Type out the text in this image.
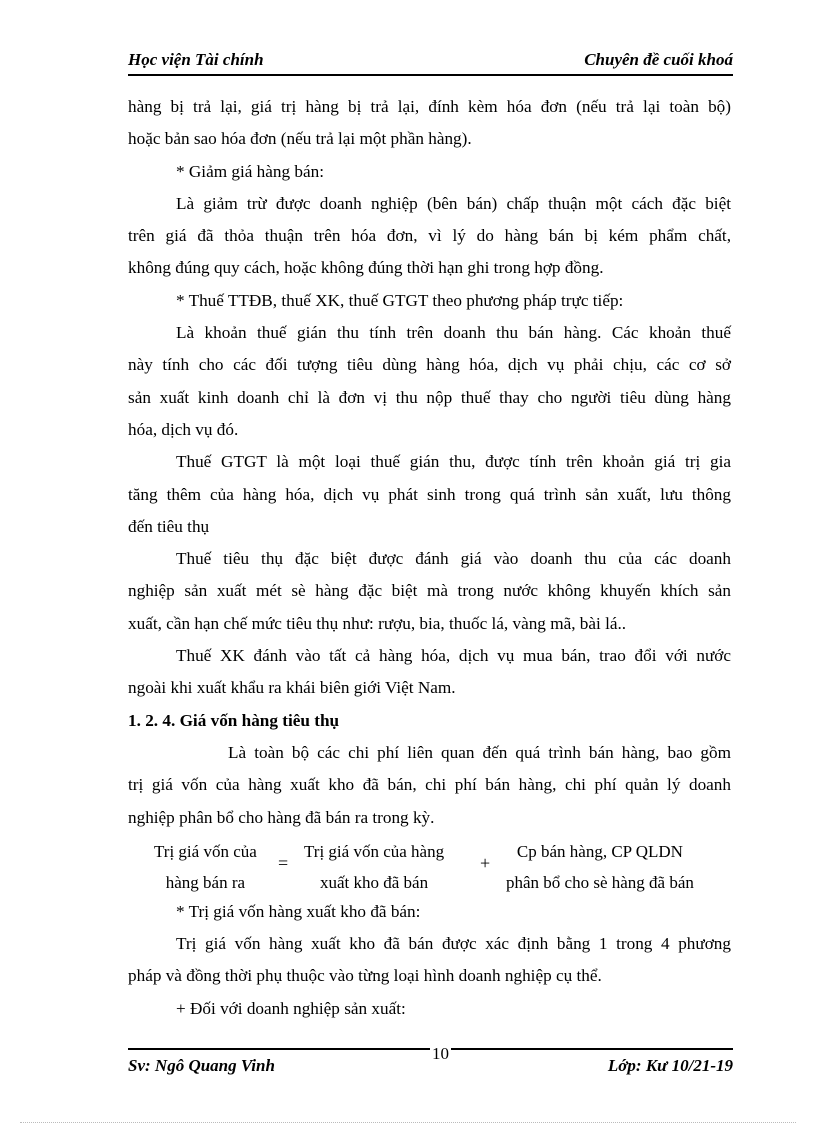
Học viện Tài chính	Chuyên đề cuối khoá
hàng bị trả lại, giá trị hàng bị trả lại, đính kèm hóa đơn (nếu trả lại toàn bộ)
hoặc bản sao hóa đơn (nếu trả lại một phần hàng).
* Giảm giá hàng bán:
Là giảm trừ được doanh nghiệp (bên bán) chấp thuận một cách đặc biệt
trên giá đã thỏa thuận trên hóa đơn, vì lý do hàng bán bị kém phẩm chất,
không đúng quy cách, hoặc không đúng thời hạn ghi trong hợp đồng.
* Thuế TTĐB, thuế XK, thuế GTGT theo phương pháp trực tiếp:
Là khoản thuế gián thu tính trên doanh thu bán hàng. Các khoản thuế
này tính cho các đối tượng tiêu dùng hàng hóa, dịch vụ phải chịu, các cơ sở
sản xuất kinh doanh chỉ là đơn vị thu nộp thuế thay cho người tiêu dùng hàng
hóa, dịch vụ đó.
Thuế GTGT là một loại thuế gián thu, được tính trên khoản giá trị gia
tăng thêm của hàng hóa, dịch vụ phát sinh trong quá trình sản xuất, lưu thông
đến tiêu thụ
Thuế tiêu thụ đặc biệt được đánh giá vào doanh thu của các doanh
nghiệp sản xuất mét sè hàng đặc biệt mà trong nước không khuyến khích sản
xuất, cần hạn chế mức tiêu thụ như: rượu, bia, thuốc lá, vàng mã, bài lá..
Thuế XK đánh vào tất cả hàng hóa, dịch vụ mua bán, trao đổi với nước
ngoài khi xuất khẩu ra khái biên giới Việt Nam.
1. 2. 4. Giá vốn hàng tiêu thụ
Là toàn bộ các chi phí liên quan đến quá trình bán hàng, bao gồm
trị giá vốn của hàng xuất kho đã bán, chi phí bán hàng, chi phí quản lý doanh
nghiệp phân bổ cho hàng đã bán ra trong kỳ.
Trị giá vốn của
hàng bán ra
=
Trị giá vốn của hàng
xuất kho đã bán
+
Cp bán hàng, CP QLDN
phân bổ cho sè hàng đã bán
* Trị giá vốn hàng xuất kho đã bán:
Trị giá vốn hàng xuất kho đã bán được xác định bằng 1 trong 4 phương
pháp và đồng thời phụ thuộc vào từng loại hình doanh nghiệp cụ thể.
+ Đối với doanh nghiệp sản xuất:
Sv: Ngô Quang Vinh	Lớp: Kư 10/21-19
10
